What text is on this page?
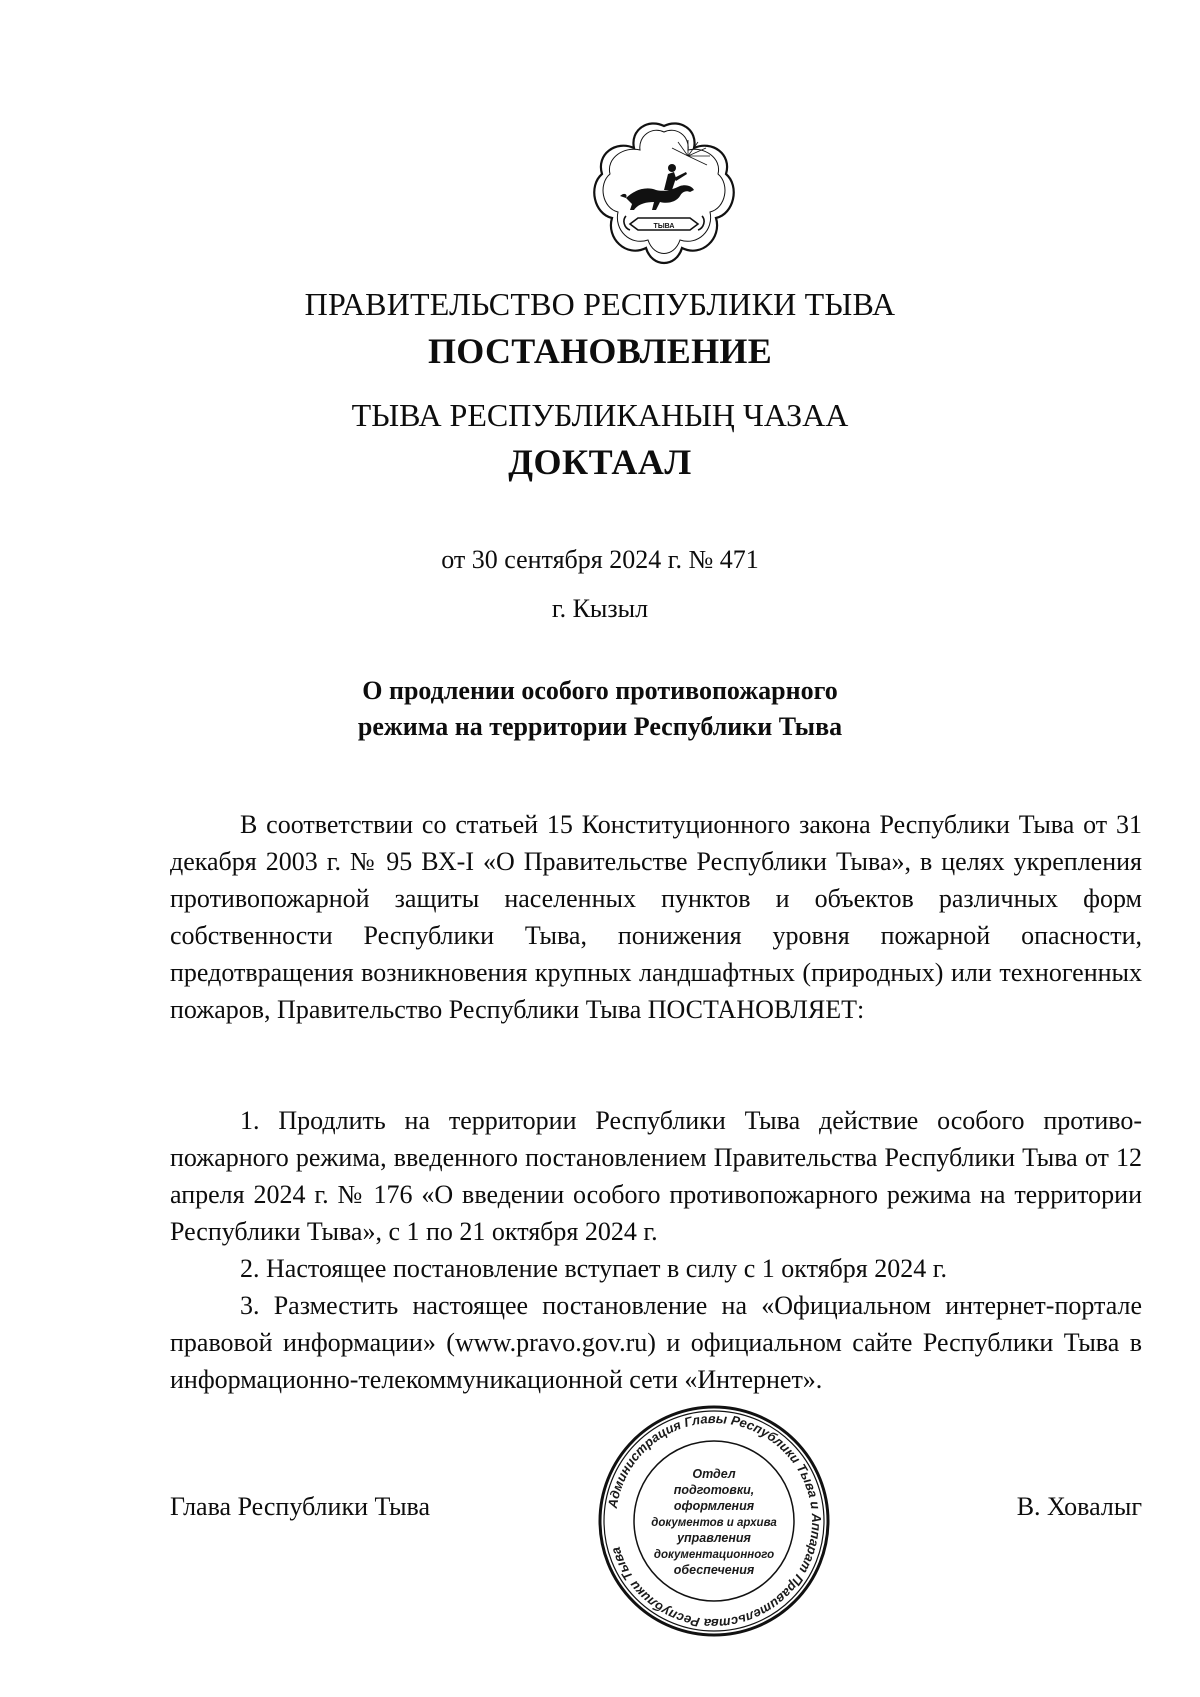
ТЫВА
ПРАВИТЕЛЬСТВО РЕСПУБЛИКИ ТЫВА
ПОСТАНОВЛЕНИЕ
ТЫВА РЕСПУБЛИКАНЫҢ ЧАЗАА
ДОКТААЛ
от 30 сентября 2024 г. № 471
г. Кызыл
О продлении особого противопожарного
режима на территории Республики Тыва

В соответствии со статьей 15 Конституционного закона Республики Тыва от 31 декабря 2003 г. № 95 ВХ-I «О Правительстве Республики Тыва», в целях укрепления противопожарной защиты населенных пунктов и объектов различных форм собственности Республики Тыва, понижения уровня пожарной опасности, предотвращения возникновения крупных ландшафтных (природных) или техногенных пожаров, Правительство Республики Тыва ПОСТАНОВЛЯЕТ:

1. Продлить на территории Республики Тыва действие особого противопожарного режима, введенного постановлением Правительства Республики Тыва от 12 апреля 2024 г. № 176 «О введении особого противопожарного режима на территории Республики Тыва», с 1 по 21 октября 2024 г.

2. Настоящее постановление вступает в силу с 1 октября 2024 г.

3. Разместить настоящее постановление на «Официальном интернет-портале правовой информации» (www.pravo.gov.ru) и официальном сайте Республики Тыва в информационно-телекоммуникационной сети «Интернет».

Глава Республики Тыва	В. Ховалыг
Администрация Главы Республики Тыва и Аппарат Правительства Республики Тыва
Отдел
подготовки,
оформления
документов и архива
управления
документационного
обеспечения
